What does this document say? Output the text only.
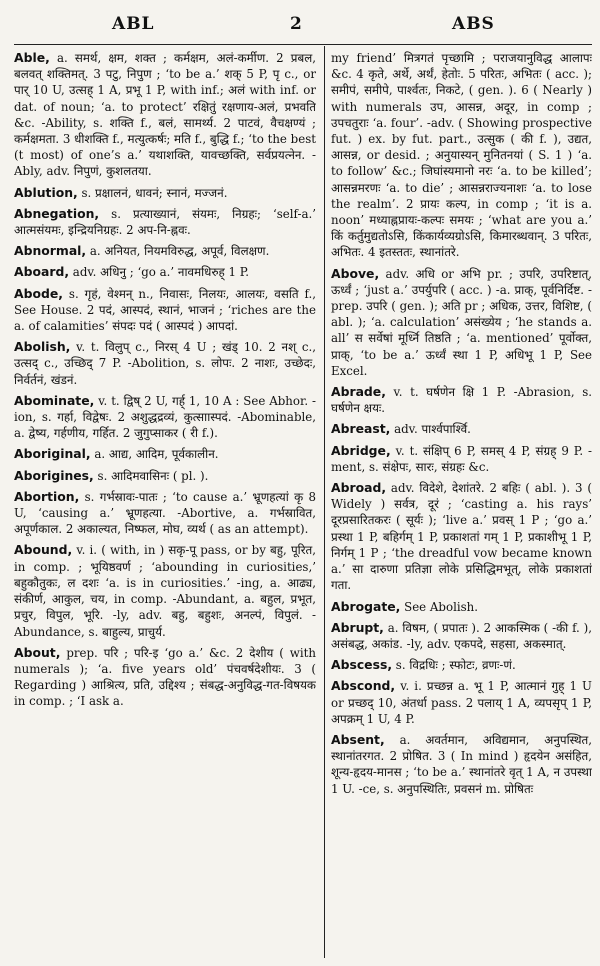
ABL	2	ABS

Able, a. समर्थ, क्षम, शक्त ; कर्मक्षम, अलं-कर्मीण. 2 प्रबल, बलवत् शक्तिमत्. 3 पटु, निपुण ; ‘to be a.’ शक् 5 P, पृ c., or पार् 10 U, उत्सह् 1 A, प्रभू 1 P, with inf.; अलं with inf. or dat. of noun; ‘a. to protect’ रक्षितुं रक्षणाय-अलं, प्रभवति &c. -Ability, s. शक्ति f., बलं, सामर्थ्य. 2 पाटवं, वैचक्षण्यं ; कर्मक्षमता. 3 धीशक्ति f., मत्युत्कर्षः; मति f., बुद्धि f.; ‘to the best (t most) of one’s a.’ यथाशक्ति, यावच्छक्ति, सर्वप्रयत्नेन. -Ably, adv. निपुणं, कुशलतया.

Ablution, s. प्रक्षालनं, धावनं; स्नानं, मज्जनं.

Abnegation, s. प्रत्याख्यानं, संयमः, निग्रहः; ‘self-a.’ आत्मसंयमः, इन्द्रियनिग्रहः. 2 अप-नि-ह्नवः.

Abnormal, a. अनियत, नियमविरुद्ध, अपूर्व, विलक्षण.

Aboard, adv. अधिनु ; ‘go a.’ नावमधिरुह् 1 P.

Abode, s. गृहं, वेश्मन् n., निवासः, निलयः, आलयः, वसति f., See House. 2 पदं, आस्पदं, स्थानं, भाजनं ; ‘riches are the a. of calamities’ संपदः पदं ( आस्पदं ) आपदां.

Abolish, v. t. विलुप् c., निरस् 4 U ; खंड् 10. 2 नश् c., उत्सद् c., उच्छिद् 7 P. -Abolition, s. लोपः. 2 नाशः, उच्छेदः, निर्वर्तनं, खंडनं.

Abominate, v. t. द्विष् 2 U, गर्ह् 1, 10 A : See Abhor. -ion, s. गर्हा, विद्वेषः. 2 अशुद्धद्रव्यं, कुत्साास्पदं. -Abominable, a. द्वेष्य, गर्हणीय, गर्हित. 2 जुगुप्साकर ( री f.).

Aboriginal, a. आद्य, आदिम, पूर्वकालीन.

Aborigines, s. आदिमवासिनः ( pl. ).

Abortion, s. गर्भस्रावः-पातः ; ‘to cause a.’ भ्रूणहत्यां कृ 8 U, ‘causing a.’ भ्रूणहत्या. -Abortive, a. गर्भस्रावित, अपूर्णकाल. 2 अकाल्यत, निष्फल, मोघ, व्यर्थ ( as an attempt).

Abound, v. i. ( with, in ) सकृ-पू pass, or by बहु, पूरित, in comp. ; भूयिष्ठवर्ण ; ‘abounding in curiosities,’ बहुकौतुकः, ल दशः ‘a. is in curiosities.’ -ing, a. आढ्य, संकीर्ण, आकुल, चय, in comp. -Abundant, a. बहुल, प्रभूत, प्रचुर, विपुल, भूरि. -ly, adv. बहु, बहुशः, अनल्पं, विपुलं. -Abundance, s. बाहुल्य, प्राचुर्य.

About, prep. परि ; परि-इ ‘go a.’ &c. 2 देशीय ( with numerals ); ‘a. five years old’ पंचवर्षदेशीयः. 3 ( Regarding ) आश्रित्य, प्रति, उद्दिश्य ; संबद्ध-अनुविद्ध-गत-विषयक in comp. ; ‘I ask a.

my friend’ मित्रगतं पृच्छामि ; पराजयानुविद्ध आलापः &c. 4 कृते, अर्थे, अर्थं, हेतोः. 5 परितः, अभितः ( acc. ); समीपं, समीपे, पार्श्वतः, निकटे, ( gen. ). 6 ( Nearly ) with numerals उप, आसन्न, अदूर, in comp ; उपचतुराः ‘a. four’. -adv. ( Showing prospective fut. ) ex. by fut. part., उत्सुक ( की f. ), उद्यत, आसन्न, or desid. ; अनुयास्यन् मुनितनयां ( S. 1 ) ‘a. to follow’ &c.; जिघांस्यमानो नरः ‘a. to be killed’; आसन्नमरणः ‘a. to die’ ; आसन्नराज्यनाशः ‘a. to lose the realm’. 2 प्रायः कल्प, in comp ; ‘it is a. noon’ मध्याह्नप्रायः-कल्पः समयः ; ‘what are you a.’ किं कर्तुमुद्यतोऽसि, किंकार्यव्यग्रोऽसि, किमारब्धवान्. 3 परितः, अभितः. 4 इतस्ततः, स्थानांतरे.

Above, adv. अधि or अभि pr. ; उपरि, उपरिष्टात्, ऊर्ध्वं ; ‘just a.’ उपर्युपरि ( acc. ) -a. प्राक्, पूर्वनिर्दिष्ट. -prep. उपरि ( gen. ); अति pr ; अधिक, उत्तर, विशिष्ट, ( abl. ); ‘a. calculation’ असंख्येय ; ‘he stands a. all’ स सर्वेषां मूर्ध्नि तिष्ठति ; ‘a. mentioned’ पूर्वोक्त, प्राक्, ‘to be a.’ ऊर्ध्वं स्था 1 P, अधिभू 1 P, See Excel.

Abrade, v. t. घर्षणेन क्षि 1 P. -Abrasion, s. घर्षणेन क्षयः.

Abreast, adv. पार्श्वपार्श्वि.

Abridge, v. t. संक्षिप् 6 P, समस् 4 P, संग्रह् 9 P. -ment, s. संक्षेपः, सारः, संग्रहः &c.

Abroad, adv. विदेशे, देशांतरे. 2 बहिः ( abl. ). 3 ( Widely ) सर्वत्र, दूरं ; ‘casting a. his rays’ दूरप्रसारितकरः ( सूर्यः ); ‘live a.’ प्रवस् 1 P ; ‘go a.’ प्रस्था 1 P, बहिर्गम् 1 P, प्रकाशतां गम् 1 P, प्रकाशीभू 1 P, निर्गम् 1 P ; ‘the dreadful vow became known a.’ सा दारुणा प्रतिज्ञा लोके प्रसिद्धिमभूत्, लोके प्रकाशतां गता.

Abrogate, See Abolish.

Abrupt, a. विषम, ( प्रपातः ). 2 आकस्मिक ( -की f. ), असंबद्ध, अकांड. -ly, adv. एकपदे, सहसा, अकस्मात्.

Abscess, s. विद्रधिः ; स्फोटः, व्रणः-णं.

Abscond, v. i. प्रच्छन्न a. भू 1 P, आत्मानं गुह् 1 U or प्रच्छद् 10, अंतर्धा pass. 2 पलाय् 1 A, व्यपसृप् 1 P, अपक्रम् 1 U, 4 P.

Absent, a. अवर्तमान, अविद्यमान, अनुपस्थित, स्थानांतरगत. 2 प्रोषित. 3 ( In mind ) हृदयेन असंहित, शून्य-हृदय-मानस ; ‘to be a.’ स्थानांतरे वृत् 1 A, न उपस्था 1 U. -ce, s. अनुपस्थितिः, प्रवसनं m. प्रोषितः
